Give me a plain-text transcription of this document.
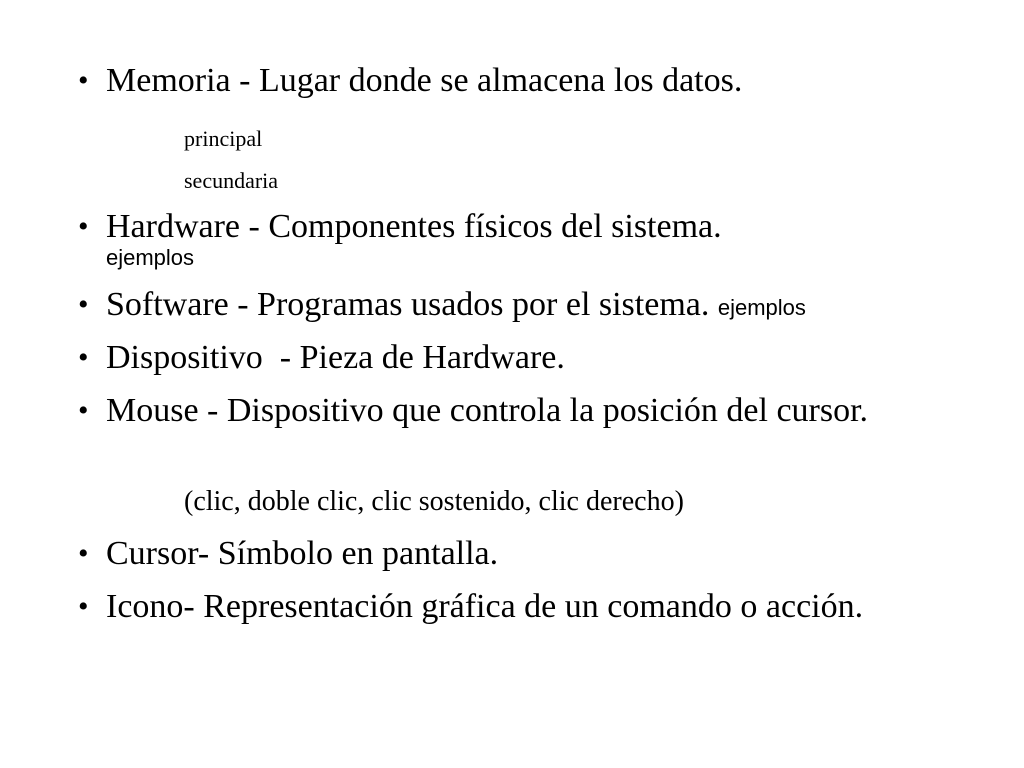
• Memoria - Lugar donde se almacena los datos.
principal
secundaria
• Hardware - Componentes físicos del sistema.
ejemplos
• Software - Programas usados por el sistema. ejemplos
• Dispositivo  - Pieza de Hardware.
• Mouse - Dispositivo que controla la posición del cursor.
(clic, doble clic, clic sostenido, clic derecho)
• Cursor- Símbolo en pantalla.
• Icono- Representación gráfica de un comando o acción.
